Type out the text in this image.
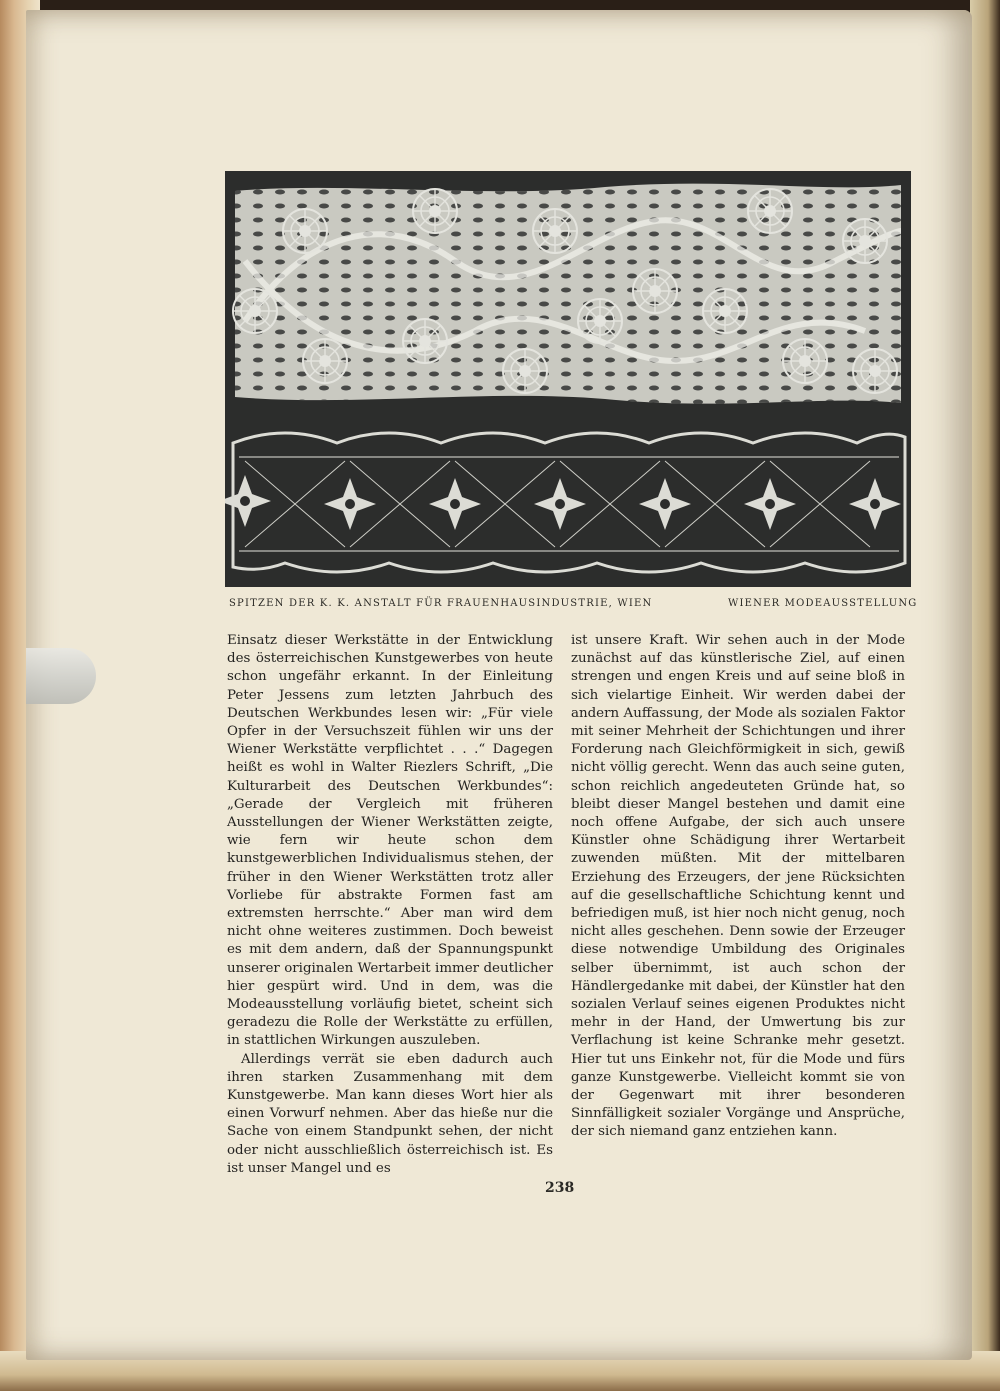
SPITZEN DER K. K. ANSTALT FÜR FRAUENHAUSINDUSTRIE, WIEN	WIENER MODEAUSSTELLUNG

Einsatz dieser Werkstätte in der Entwicklung des österreichischen Kunstgewerbes von heute schon ungefähr erkannt. In der Einleitung Peter Jessens zum letzten Jahrbuch des Deutschen Werkbundes lesen wir: „Für viele Opfer in der Versuchszeit fühlen wir uns der Wiener Werkstätte verpflichtet . . .“ Dagegen heißt es wohl in Walter Riezlers Schrift, „Die Kulturarbeit des Deutschen Werkbundes“: „Gerade der Vergleich mit früheren Ausstellungen der Wiener Werkstätten zeigte, wie fern wir heute schon dem kunstgewerblichen Individualismus stehen, der früher in den Wiener Werkstätten trotz aller Vorliebe für abstrakte Formen fast am extremsten herrschte.“ Aber man wird dem nicht ohne weiteres zustimmen. Doch beweist es mit dem andern, daß der Spannungspunkt unserer originalen Wertarbeit immer deutlicher hier gespürt wird. Und in dem, was die Modeausstellung vorläufig bietet, scheint sich geradezu die Rolle der Werkstätte zu erfüllen, in stattlichen Wirkungen auszuleben.

Allerdings verrät sie eben dadurch auch ihren starken Zusammenhang mit dem Kunstgewerbe. Man kann dieses Wort hier als einen Vorwurf nehmen. Aber das hieße nur die Sache von einem Standpunkt sehen, der nicht oder nicht ausschließlich österreichisch ist. Es ist unser Mangel und es

ist unsere Kraft. Wir sehen auch in der Mode zunächst auf das künstlerische Ziel, auf einen strengen und engen Kreis und auf seine bloß in sich vielartige Einheit. Wir werden dabei der andern Auffassung, der Mode als sozialen Faktor mit seiner Mehrheit der Schichtungen und ihrer Forderung nach Gleichförmigkeit in sich, gewiß nicht völlig gerecht. Wenn das auch seine guten, schon reichlich angedeuteten Gründe hat, so bleibt dieser Mangel bestehen und damit eine noch offene Aufgabe, der sich auch unsere Künstler ohne Schädigung ihrer Wertarbeit zuwenden müßten. Mit der mittelbaren Erziehung des Erzeugers, der jene Rücksichten auf die gesellschaftliche Schichtung kennt und befriedigen muß, ist hier noch nicht genug, noch nicht alles geschehen. Denn sowie der Erzeuger diese notwendige Umbildung des Originales selber übernimmt, ist auch schon der Händlergedanke mit dabei, der Künstler hat den sozialen Verlauf seines eigenen Produktes nicht mehr in der Hand, der Umwertung bis zur Verflachung ist keine Schranke mehr gesetzt. Hier tut uns Einkehr not, für die Mode und fürs ganze Kunstgewerbe. Vielleicht kommt sie von der Gegenwart mit ihrer besonderen Sinnfälligkeit sozialer Vorgänge und Ansprüche, der sich niemand ganz entziehen kann.

238
